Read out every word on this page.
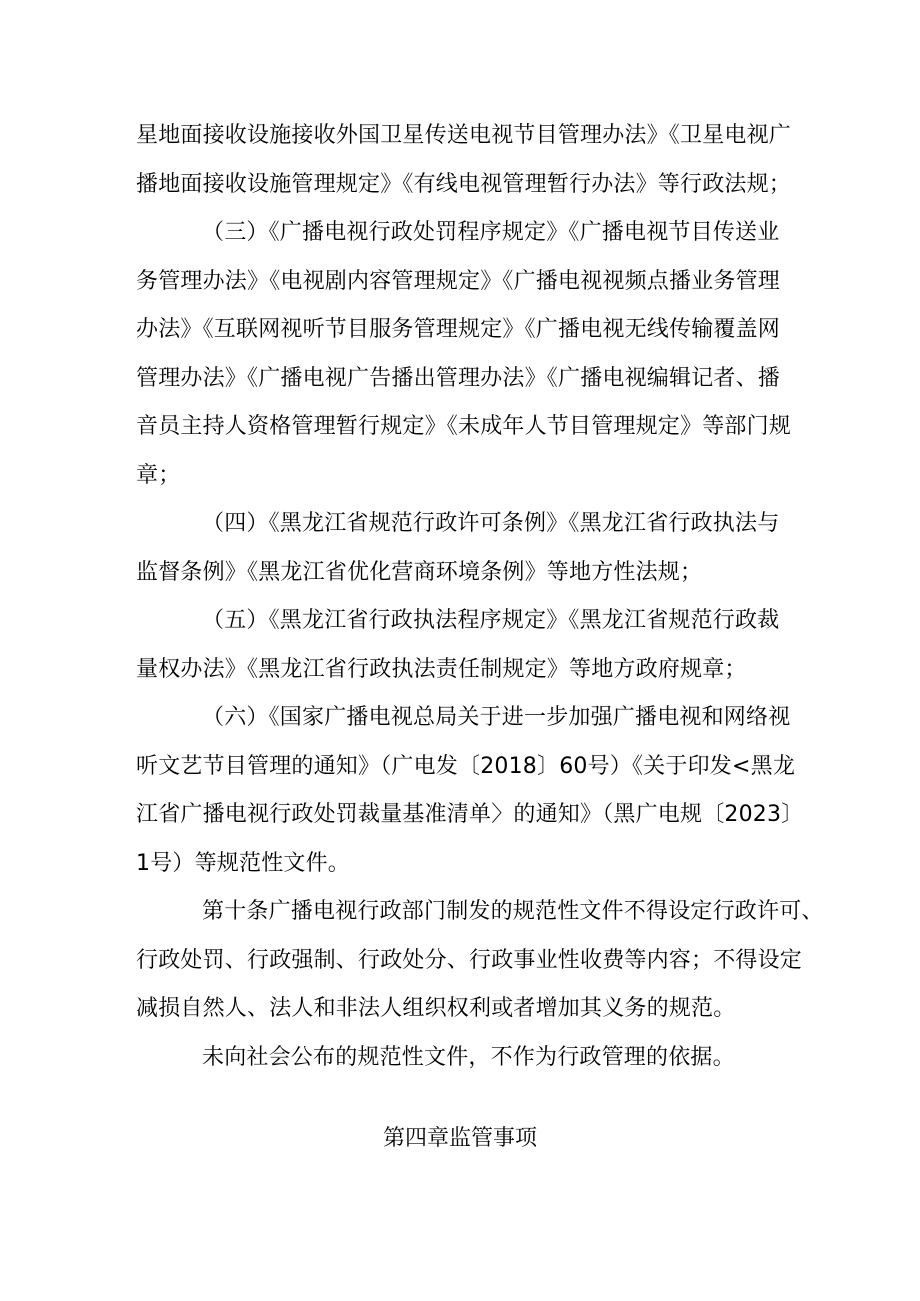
星地面接收设施接收外国卫星传送电视节目管理办法》《卫星电视广
播地面接收设施管理规定》《有线电视管理暂行办法》等行政法规；
（三）《广播电视行政处罚程序规定》《广播电视节目传送业
务管理办法》《电视剧内容管理规定》《广播电视视频点播业务管理
办法》《互联网视听节目服务管理规定》《广播电视无线传输覆盖网
管理办法》《广播电视广告播出管理办法》《广播电视编辑记者、播
音员主持人资格管理暂行规定》《未成年人节目管理规定》等部门规
章；
（四）《黑龙江省规范行政许可条例》《黑龙江省行政执法与
监督条例》《黑龙江省优化营商环境条例》等地方性法规；
（五）《黑龙江省行政执法程序规定》《黑龙江省规范行政裁
量权办法》《黑龙江省行政执法责任制规定》等地方政府规章；
（六）《国家广播电视总局关于进一步加强广播电视和网络视
听文艺节目管理的通知》（广电发〔2018〕60号）《关于印发<黑龙
江省广播电视行政处罚裁量基准清单〉的通知》（黑广电规〔2023〕
1号）等规范性文件。
第十条广播电视行政部门制发的规范性文件不得设定行政许可、
行政处罚、行政强制、行政处分、行政事业性收费等内容；不得设定
减损自然人、法人和非法人组织权利或者增加其义务的规范。
未向社会公布的规范性文件，不作为行政管理的依据。
第四章监管事项
